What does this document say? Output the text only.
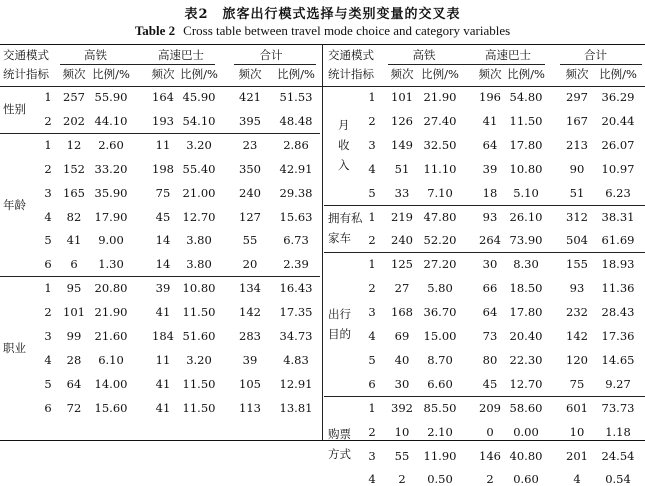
表2　旅客出行模式选择与类别变量的交叉表
Table 2 Cross table between travel mode choice and category variables
交通模式	高铁	高速巴士	合计
统计指标 频次 比例/% 频次 比例/% 频次 比例/%
1 257 55.90 164 45.90 421 51.53
2 202 44.10 193 54.10 395 48.48
性别
1 12 2.60	11 3.20	23 2.86
2 152 33.20 198 55.40 350 42.91
3 165 35.90 75 21.00 240 29.38
4 82 17.90 45 12.70 127 15.63
5 41 9.00	14 3.80	55 6.73
6 6 1.30	14 3.80	20 2.39
年龄
1 95 20.80 39 10.80 134 16.43
2 101 21.90 41 11.50 142 17.35
3 99 21.60 184 51.60 283 34.73
4 28 6.10	11 3.20	39 4.83
5 64 14.00 41 11.50 105 12.91
6 72 15.60 41 11.50 113 13.81
职业
交通模式	高铁	高速巴士	合计
统计指标 频次 比例/% 频次 比例/% 频次 比例/%
1 101 21.90 196 54.80 297 36.29
2 126 27.40 41 11.50 167 20.44
3 149 32.50 64 17.80 213 26.07
4 51 11.10 39 10.80 90 10.97
5 33 7.10	18 5.10	51 6.23
月
收
入
1 219 47.80 93 26.10 312 38.31
2 240 52.20 264 73.90 504 61.69
拥有私
家车
1 125 27.20 30 8.30 155 18.93
2 27 5.80	66 18.50 93 11.36
3 168 36.70 64 17.80 232 28.43
4 69 15.00 73 20.40 142 17.36
5 40 8.70	80 22.30 120 14.65
6 30 6.60	45 12.70 75 9.27
出行
目的
1 392 85.50 209 58.60 601 73.73
2 10 2.10	0 0.00	10 1.18
3 55 11.90 146 40.80 201 24.54
4 2 0.50	2 0.60	4 0.54
购票
方式
